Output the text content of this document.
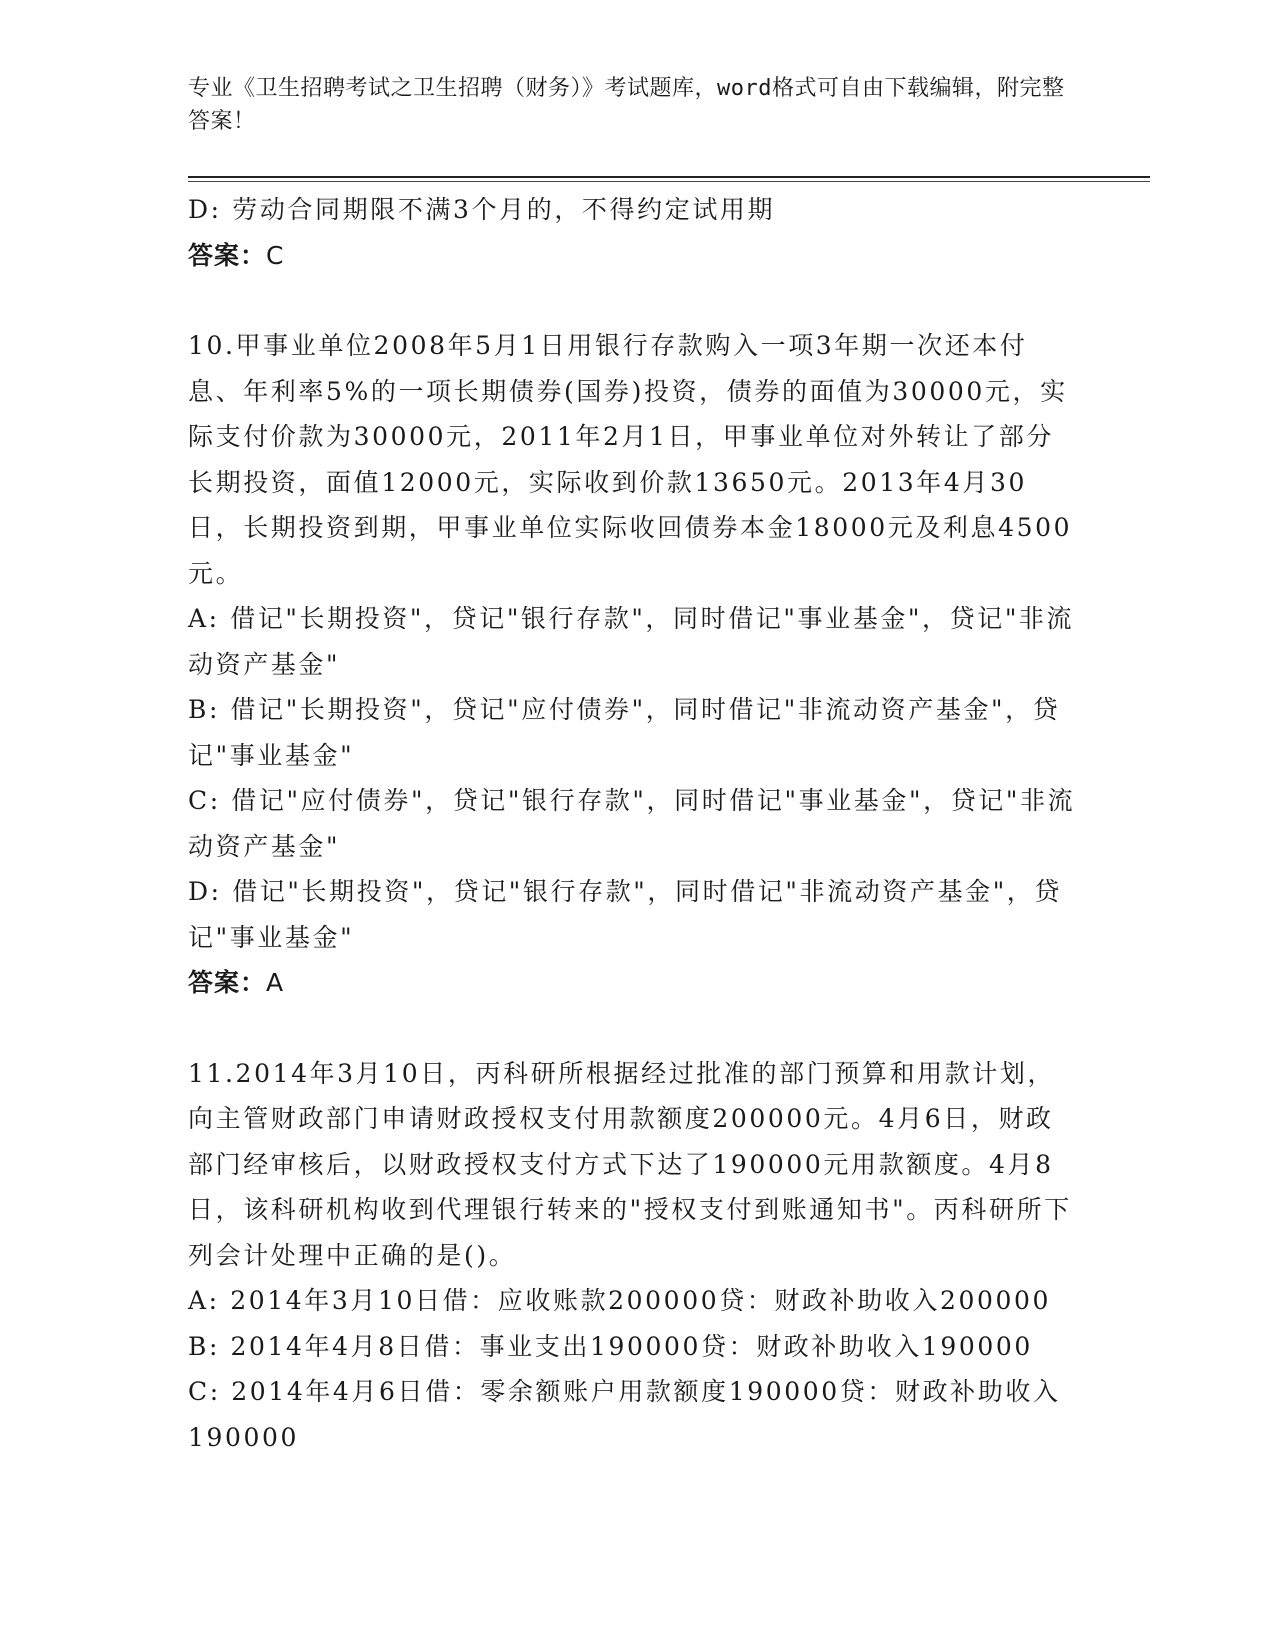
专业《卫生招聘考试之卫生招聘（财务）》考试题库，word格式可自由下载编辑，附完整答案！

D: 劳动合同期限不满3个月的，不得约定试用期

答案：C

10.甲事业单位2008年5月1日用银行存款购入一项3年期一次还本付息、年利率5%的一项长期债券(国券)投资，债券的面值为30000元，实际支付价款为30000元，2011年2月1日，甲事业单位对外转让了部分长期投资，面值12000元，实际收到价款13650元。2013年4月30日，长期投资到期，甲事业单位实际收回债券本金18000元及利息4500元。

A: 借记"长期投资"，贷记"银行存款"，同时借记"事业基金"，贷记"非流动资产基金"

B: 借记"长期投资"，贷记"应付债券"，同时借记"非流动资产基金"，贷记"事业基金"

C: 借记"应付债券"，贷记"银行存款"，同时借记"事业基金"，贷记"非流动资产基金"

D: 借记"长期投资"，贷记"银行存款"，同时借记"非流动资产基金"，贷记"事业基金"

答案：A

11.2014年3月10日，丙科研所根据经过批准的部门预算和用款计划，向主管财政部门申请财政授权支付用款额度200000元。4月6日，财政部门经审核后，以财政授权支付方式下达了190000元用款额度。4月8日，该科研机构收到代理银行转来的"授权支付到账通知书"。丙科研所下列会计处理中正确的是()。

A: 2014年3月10日借：应收账款200000贷：财政补助收入200000

B: 2014年4月8日借：事业支出190000贷：财政补助收入190000

C: 2014年4月6日借：零余额账户用款额度190000贷：财政补助收入190000
